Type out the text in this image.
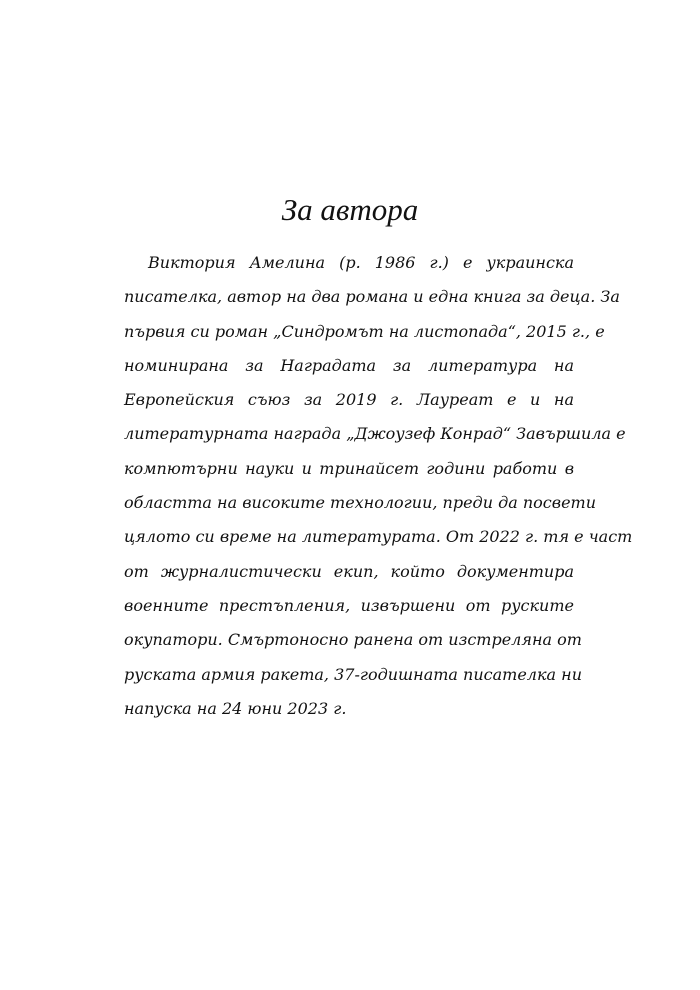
За автора
Виктория Амелина (р. 1986 г.) е украинска
писателка, автор на два романа и една книга за деца. За
първия си роман „Синдромът на листопада“, 2015 г., е
номинирана за Наградата за литература на
Европейския съюз за 2019 г. Лауреат е и на
литературната награда „Джоузеф Конрад“ Завършила е
компютърни науки и тринайсет години работи в
областта на високите технологии, преди да посвети
цялото си време на литературата. От 2022 г. тя е част
от журналистически екип, който документира
военните престъпления, извършени от руските
окупатори. Смъртоносно ранена от изстреляна от
руската армия ракета, 37-годишната писателка ни
напуска на 24 юни 2023 г.
